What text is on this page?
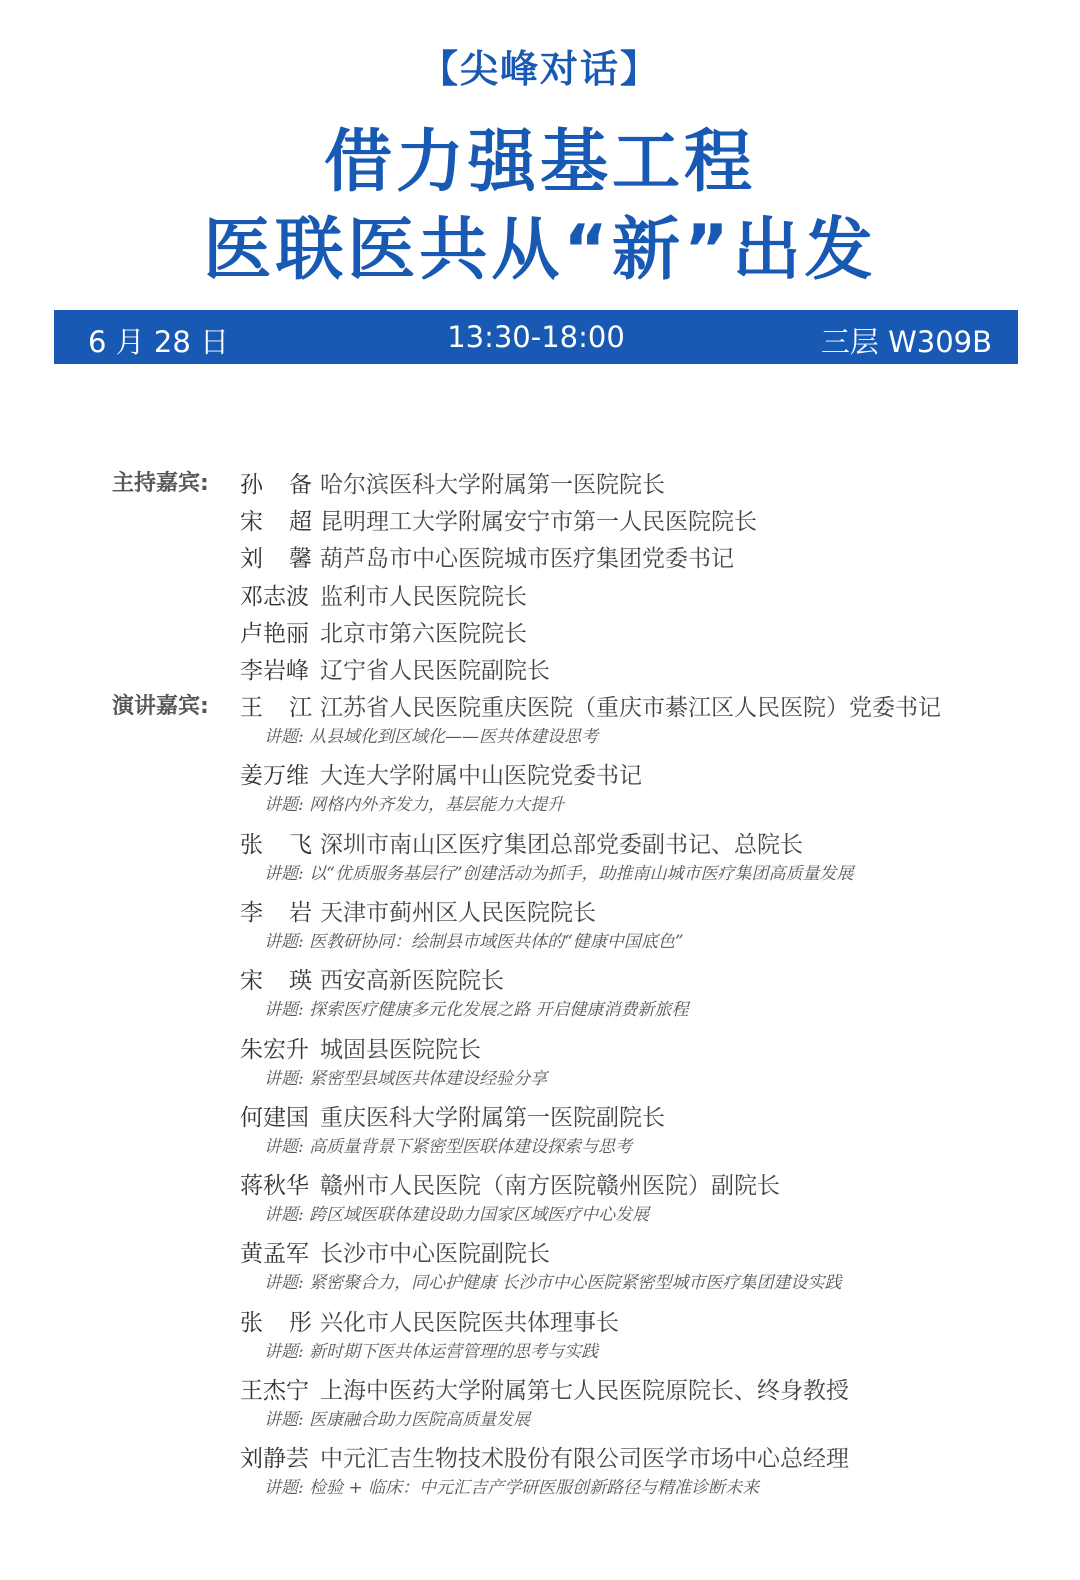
【尖峰对话】
借力强基工程
医联医共从“新”出发
13:30-18:00
6 月 28 日	三层 W309B
主持嘉宾: 孙 备 哈尔滨医科大学附属第一医院院长
宋 超 昆明理工大学附属安宁市第一人民医院院长
刘 馨 葫芦岛市中心医院城市医疗集团党委书记
邓志波 监利市人民医院院长
卢艳丽 北京市第六医院院长
李岩峰 辽宁省人民医院副院长
演讲嘉宾: 王 江 江苏省人民医院重庆医院（重庆市綦江区人民医院）党委书记
讲题: 从县域化到区域化——医共体建设思考
姜万维 大连大学附属中山医院党委书记
讲题: 网格内外齐发力，基层能力大提升
张 飞 深圳市南山区医疗集团总部党委副书记、总院长
讲题: 以“优质服务基层行”创建活动为抓手，助推南山城市医疗集团高质量发展
李 岩 天津市蓟州区人民医院院长
讲题: 医教研协同：绘制县市域医共体的“健康中国底色”
宋 瑛 西安高新医院院长
讲题: 探索医疗健康多元化发展之路 开启健康消费新旅程
朱宏升 城固县医院院长
讲题: 紧密型县域医共体建设经验分享
何建国 重庆医科大学附属第一医院副院长
讲题: 高质量背景下紧密型医联体建设探索与思考
蒋秋华 赣州市人民医院（南方医院赣州医院）副院长
讲题: 跨区域医联体建设助力国家区域医疗中心发展
黄孟军 长沙市中心医院副院长
讲题: 紧密聚合力，同心护健康 长沙市中心医院紧密型城市医疗集团建设实践
张 彤 兴化市人民医院医共体理事长
讲题: 新时期下医共体运营管理的思考与实践
王杰宁 上海中医药大学附属第七人民医院原院长、终身教授
讲题: 医康融合助力医院高质量发展
刘静芸 中元汇吉生物技术股份有限公司医学市场中心总经理
讲题: 检验 + 临床：中元汇吉产学研医服创新路径与精准诊断未来
